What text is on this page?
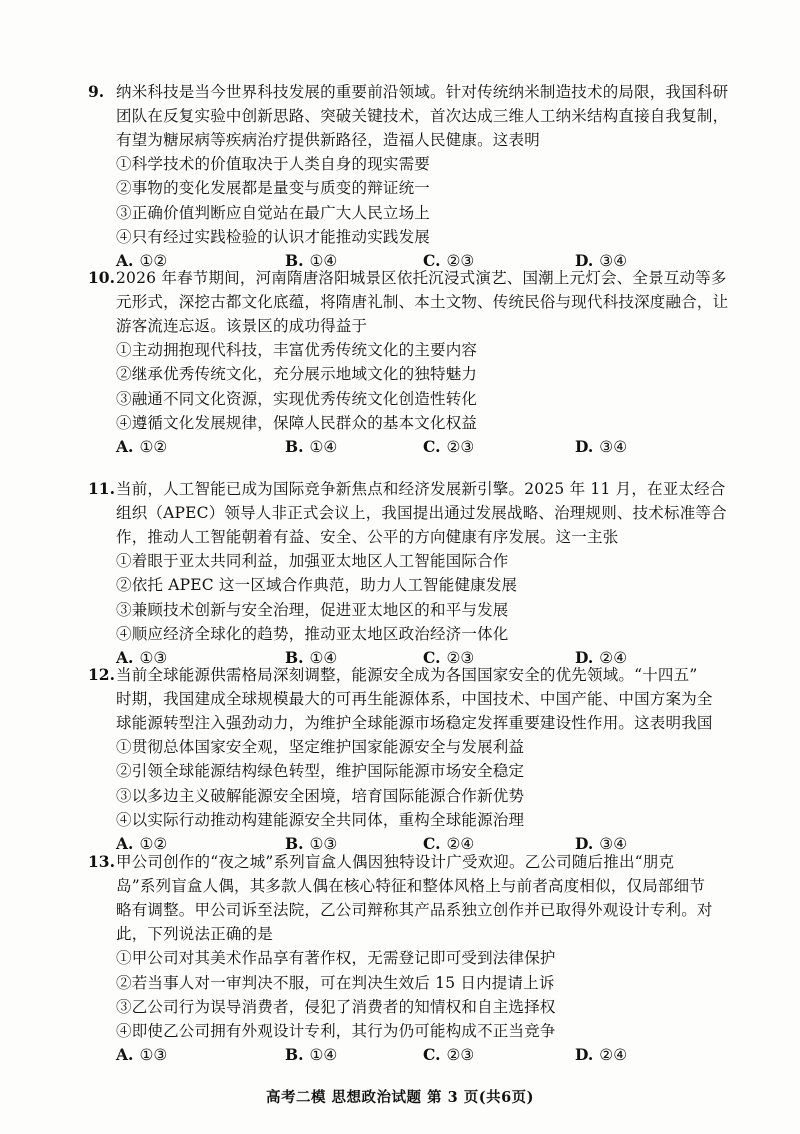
9. 纳米科技是当今世界科技发展的重要前沿领域。针对传统纳米制造技术的局限，我国科研
团队在反复实验中创新思路、突破关键技术，首次达成三维人工纳米结构直接自我复制，
有望为糖尿病等疾病治疗提供新路径，造福人民健康。这表明
①科学技术的价值取决于人类自身的现实需要
②事物的变化发展都是量变与质变的辩证统一
③正确价值判断应自觉站在最广大人民立场上
④只有经过实践检验的认识才能推动实践发展
A. ①②	B. ①④	C. ②③	D. ③④
10. 2026 年春节期间，河南隋唐洛阳城景区依托沉浸式演艺、国潮上元灯会、全景互动等多
元形式，深挖古都文化底蕴，将隋唐礼制、本土文物、传统民俗与现代科技深度融合，让
游客流连忘返。该景区的成功得益于
①主动拥抱现代科技，丰富优秀传统文化的主要内容
②继承优秀传统文化，充分展示地域文化的独特魅力
③融通不同文化资源，实现优秀传统文化创造性转化
④遵循文化发展规律，保障人民群众的基本文化权益
A. ①②	B. ①④	C. ②③	D. ③④
11. 当前，人工智能已成为国际竞争新焦点和经济发展新引擎。2025 年 11 月，在亚太经合
组织（APEC）领导人非正式会议上，我国提出通过发展战略、治理规则、技术标准等合
作，推动人工智能朝着有益、安全、公平的方向健康有序发展。这一主张
①着眼于亚太共同利益，加强亚太地区人工智能国际合作
②依托 APEC 这一区域合作典范，助力人工智能健康发展
③兼顾技术创新与安全治理，促进亚太地区的和平与发展
④顺应经济全球化的趋势，推动亚太地区政治经济一体化
A. ①③	B. ①④	C. ②③	D. ②④
12. 当前全球能源供需格局深刻调整，能源安全成为各国国家安全的优先领域。“十四五”
时期，我国建成全球规模最大的可再生能源体系，中国技术、中国产能、中国方案为全
球能源转型注入强劲动力，为维护全球能源市场稳定发挥重要建设性作用。这表明我国
①贯彻总体国家安全观，坚定维护国家能源安全与发展利益
②引领全球能源结构绿色转型，维护国际能源市场安全稳定
③以多边主义破解能源安全困境，培育国际能源合作新优势
④以实际行动推动构建能源安全共同体，重构全球能源治理
A. ①②	B. ①③	C. ②④	D. ③④
13. 甲公司创作的“夜之城”系列盲盒人偶因独特设计广受欢迎。乙公司随后推出“朋克
岛”系列盲盒人偶，其多款人偶在核心特征和整体风格上与前者高度相似，仅局部细节
略有调整。甲公司诉至法院，乙公司辩称其产品系独立创作并已取得外观设计专利。对
此，下列说法正确的是
①甲公司对其美术作品享有著作权，无需登记即可受到法律保护
②若当事人对一审判决不服，可在判决生效后 15 日内提请上诉
③乙公司行为误导消费者，侵犯了消费者的知情权和自主选择权
④即使乙公司拥有外观设计专利，其行为仍可能构成不正当竞争
A. ①③	B. ①④	C. ②③	D. ②④
高考二模 思想政治试题 第 3 页(共6页)
